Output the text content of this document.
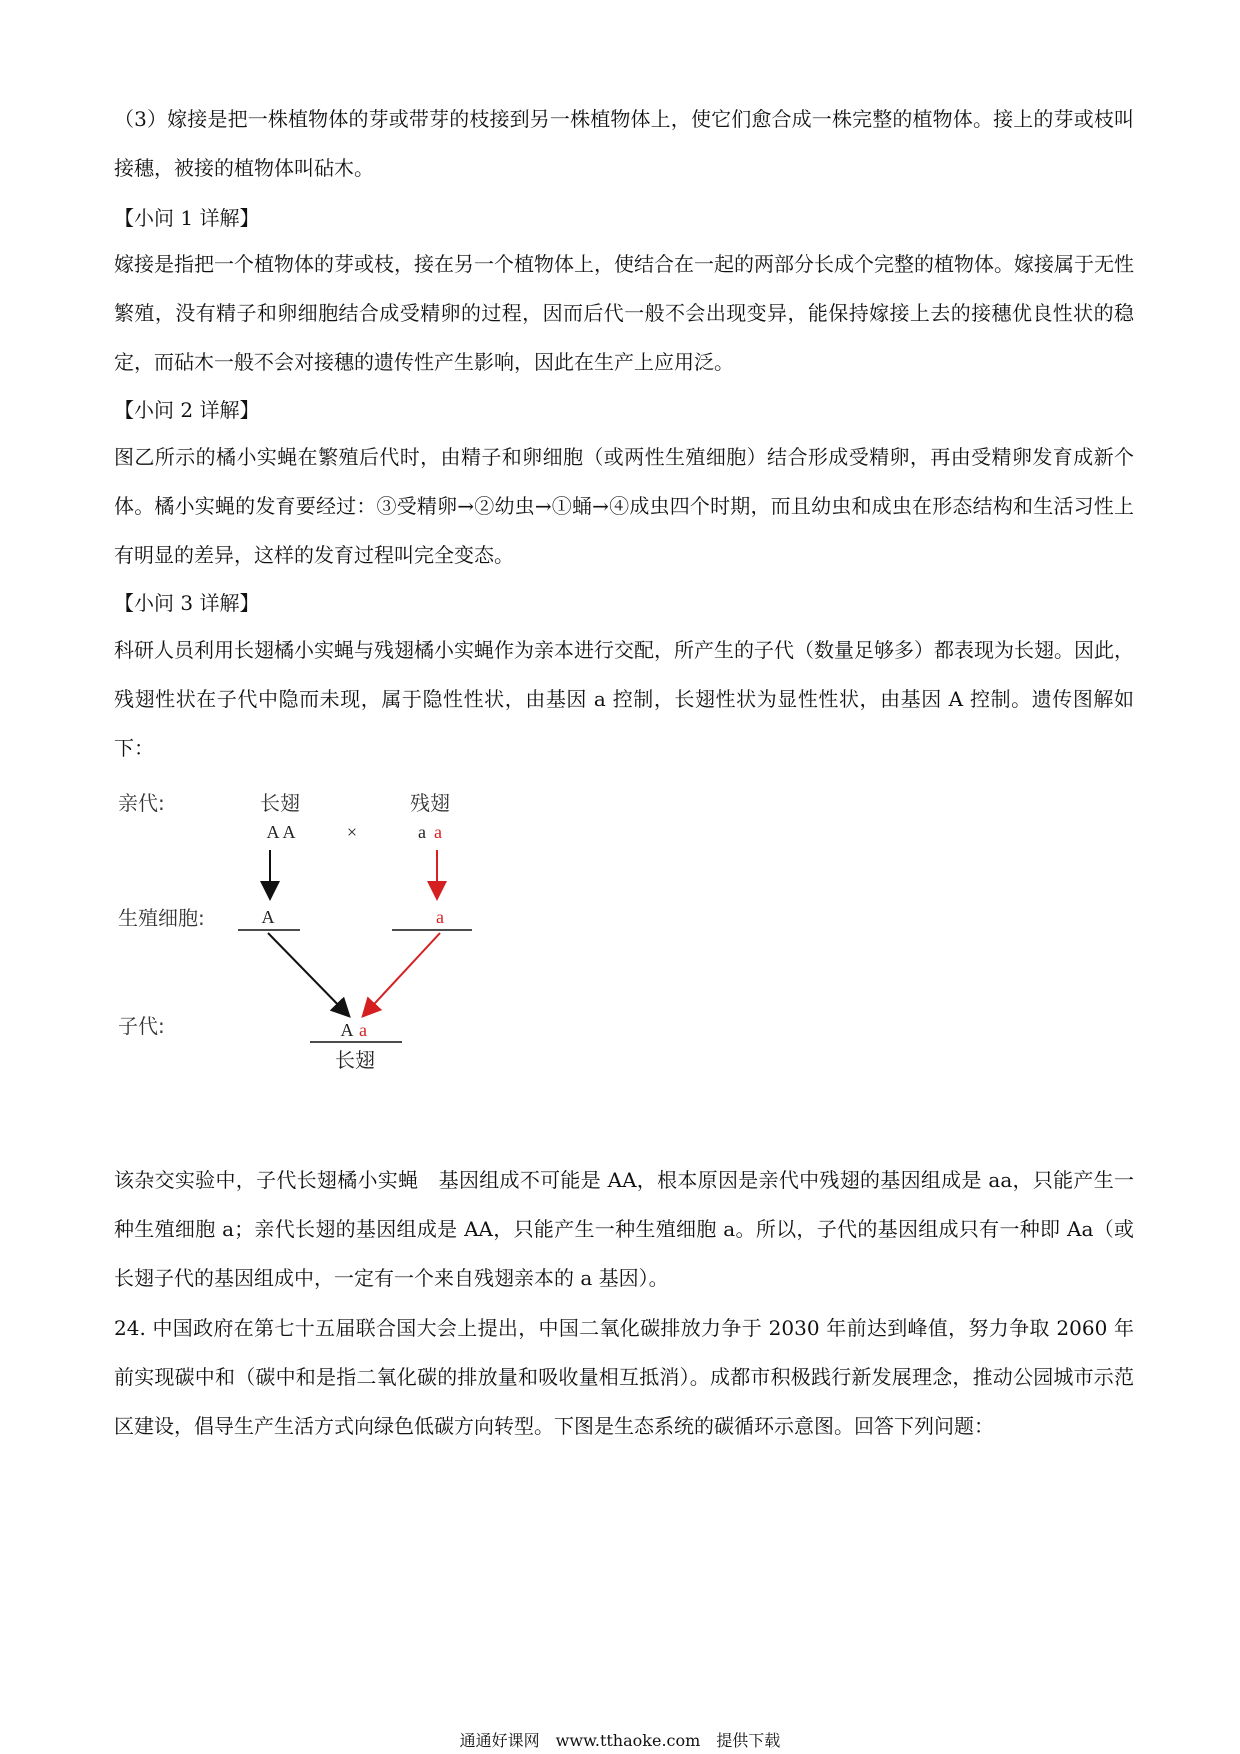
（3）嫁接是把一株植物体的芽或带芽的枝接到另一株植物体上，使它们愈合成一株完整的植物体。接上的芽或枝叫接穗，被接的植物体叫砧木。

【小问 1 详解】

嫁接是指把一个植物体的芽或枝，接在另一个植物体上，使结合在一起的两部分长成个完整的植物体。嫁接属于无性繁殖，没有精子和卵细胞结合成受精卵的过程，因而后代一般不会出现变异，能保持嫁接上去的接穗优良性状的稳定，而砧木一般不会对接穗的遗传性产生影响，因此在生产上应用泛。

【小问 2 详解】

图乙所示的橘小实蝇在繁殖后代时，由精子和卵细胞（或两性生殖细胞）结合形成受精卵，再由受精卵发育成新个体。橘小实蝇的发育要经过：③受精卵→②幼虫→①蛹→④成虫四个时期，而且幼虫和成虫在形态结构和生活习性上有明显的差异，这样的发育过程叫完全变态。

【小问 3 详解】

科研人员利用长翅橘小实蝇与残翅橘小实蝇作为亲本进行交配，所产生的子代（数量足够多）都表现为长翅。因此，残翅性状在子代中隐而未现，属于隐性性状，由基因 a 控制，长翅性状为显性性状，由基因 A 控制。遗传图解如下：

亲代:
生殖细胞:
子代:
长翅	残翅
A A	×	a a
A	a
A a
长翅

该杂交实验中，子代长翅橘小实蝇　基因组成不可能是 AA，根本原因是亲代中残翅的基因组成是 aa，只能产生一种生殖细胞 a；亲代长翅的基因组成是 AA，只能产生一种生殖细胞 a。所以，子代的基因组成只有一种即 Aa（或长翅子代的基因组成中，一定有一个来自残翅亲本的 a 基因）。

24. 中国政府在第七十五届联合国大会上提出，中国二氧化碳排放力争于 2030 年前达到峰值，努力争取 2060 年前实现碳中和（碳中和是指二氧化碳的排放量和吸收量相互抵消）。成都市积极践行新发展理念，推动公园城市示范区建设，倡导生产生活方式向绿色低碳方向转型。下图是生态系统的碳循环示意图。回答下列问题：

通通好课网　www.tthaoke.com　提供下载
